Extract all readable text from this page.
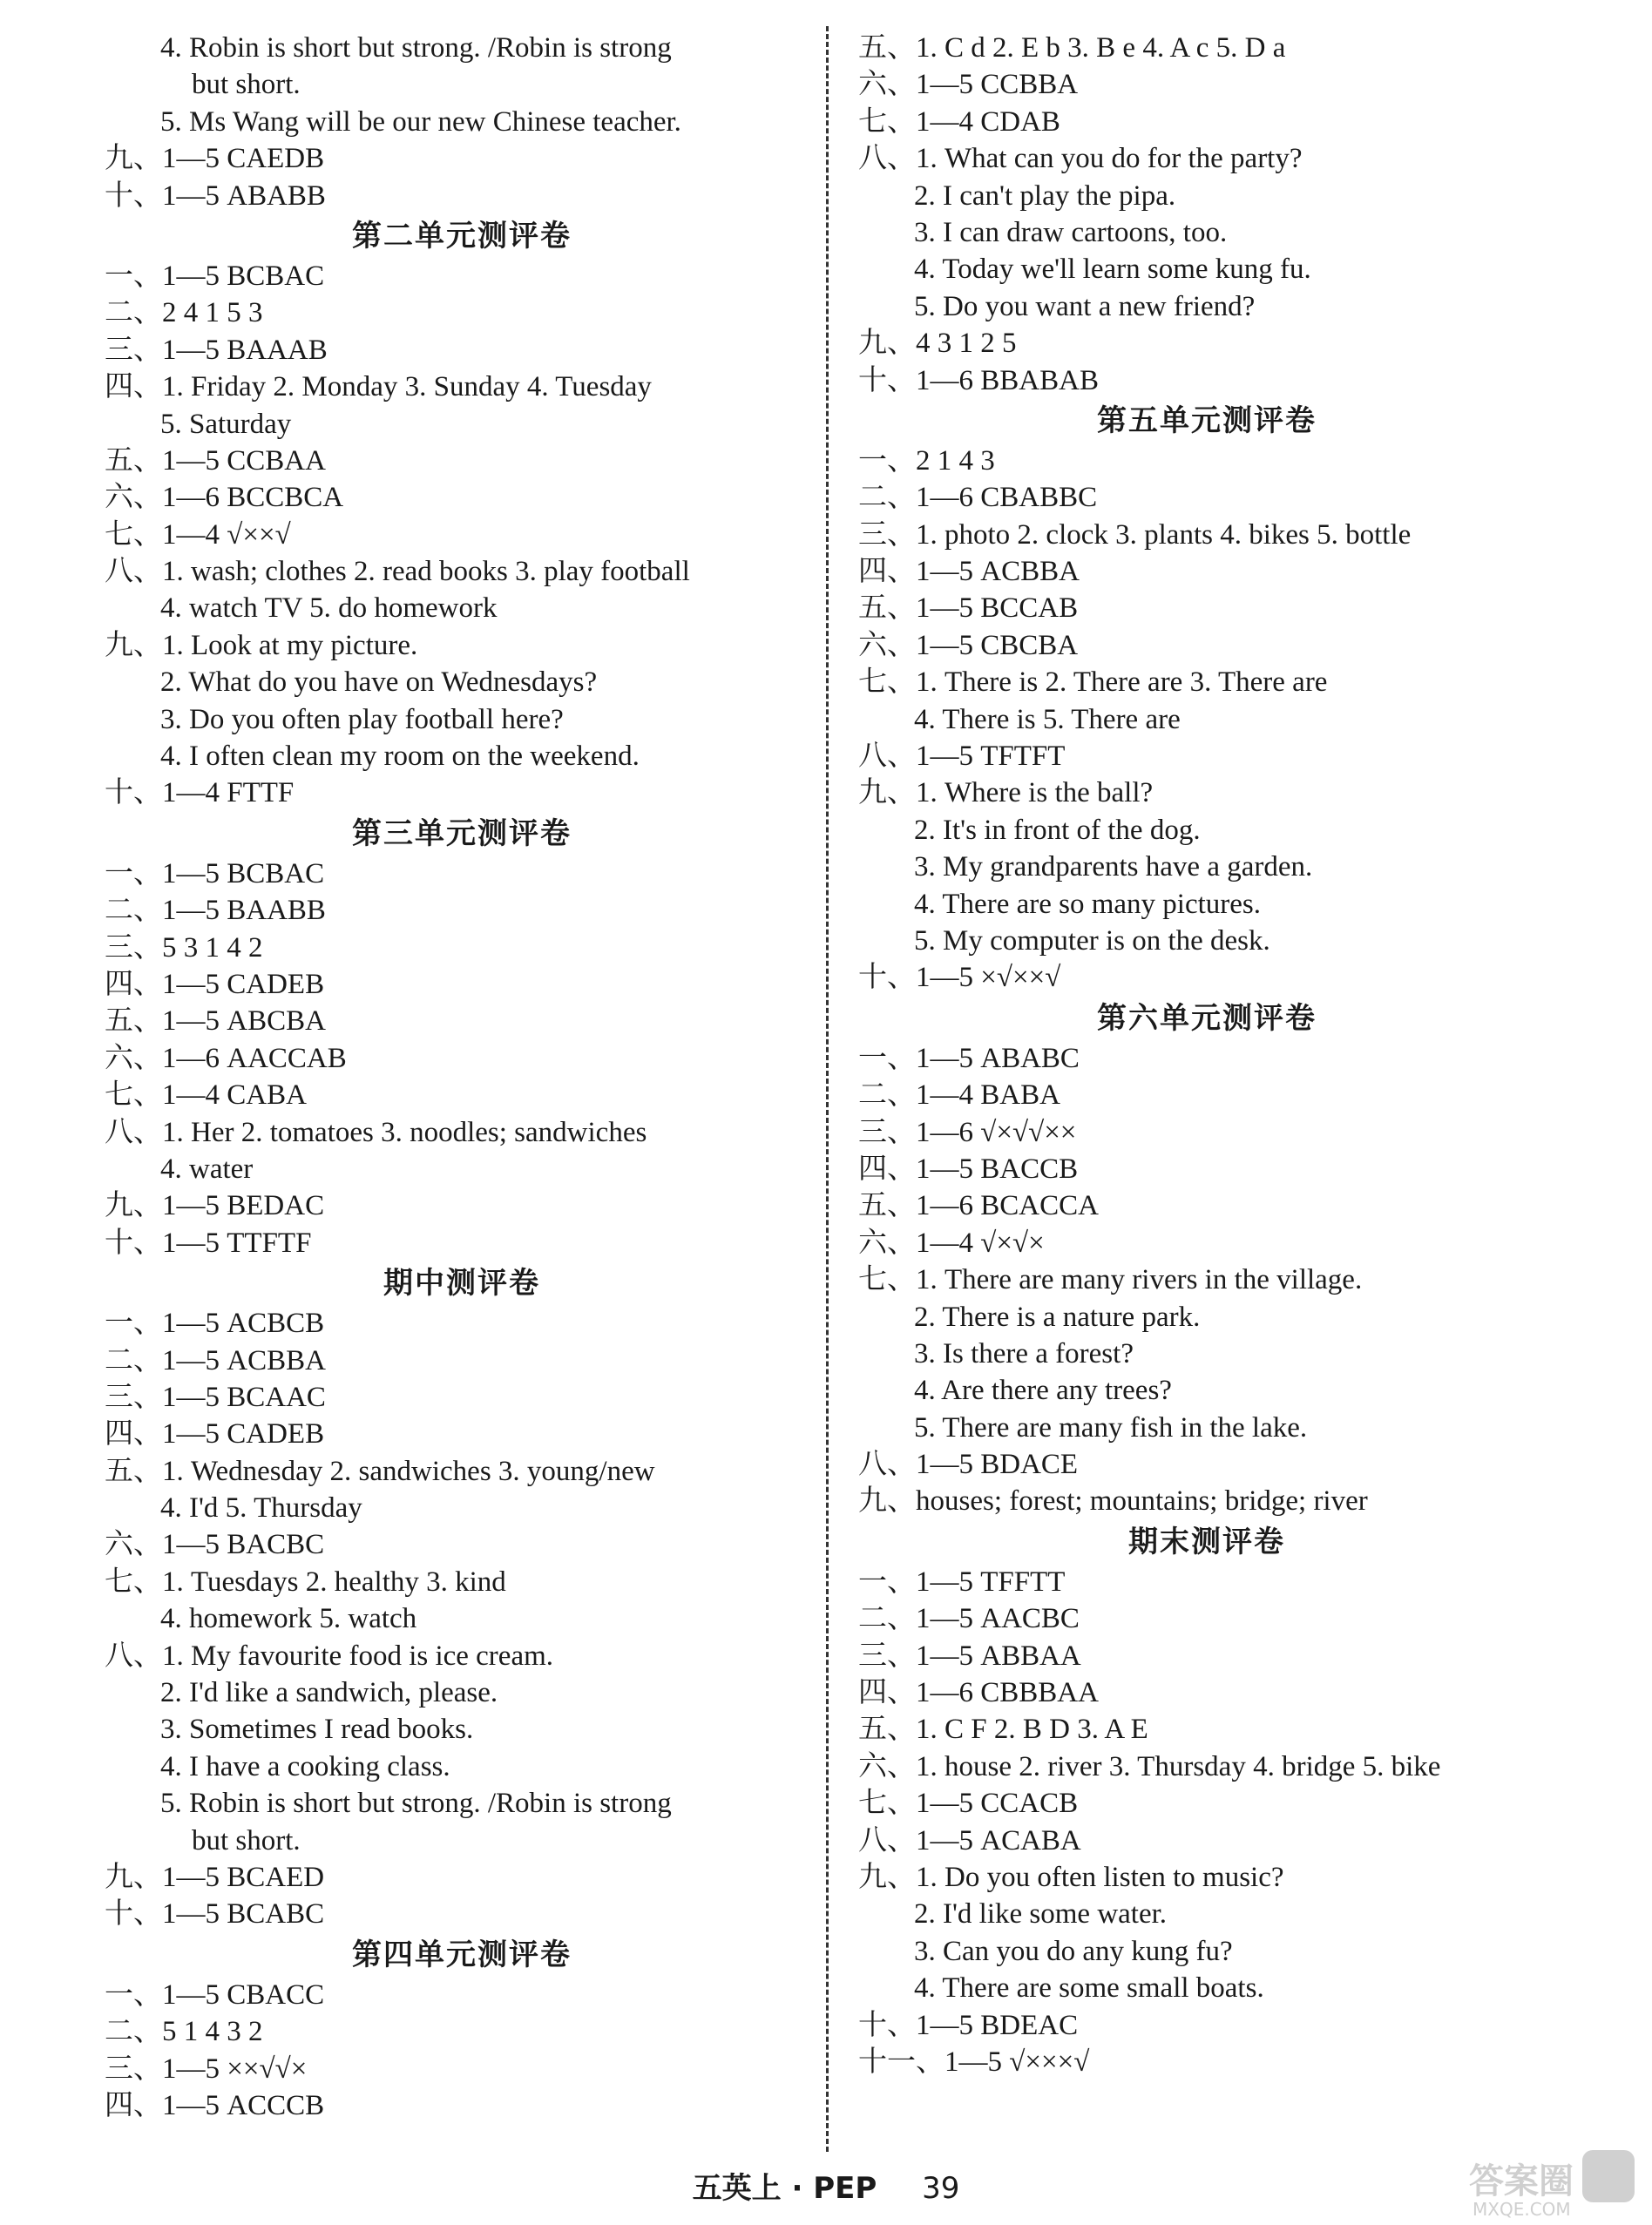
4. Robin is short but strong. /Robin is strong
but short.
5. Ms Wang will be our new Chinese teacher.
九、1—5 CAEDB
十、1—5 ABABB
第二单元测评卷
一、1—5 BCBAC
二、2 4 1 5 3
三、1—5 BAAAB
四、1. Friday 2. Monday 3. Sunday 4. Tuesday
5. Saturday
五、1—5 CCBAA
六、1—6 BCCBCA
七、1—4 √××√
八、1. wash; clothes 2. read books 3. play football
4. watch TV 5. do homework
九、1. Look at my picture.
2. What do you have on Wednesdays?
3. Do you often play football here?
4. I often clean my room on the weekend.
十、1—4 FTTF
第三单元测评卷
一、1—5 BCBAC
二、1—5 BAABB
三、5 3 1 4 2
四、1—5 CADEB
五、1—5 ABCBA
六、1—6 AACCAB
七、1—4 CABA
八、1. Her 2. tomatoes 3. noodles; sandwiches
4. water
九、1—5 BEDAC
十、1—5 TTFTF
期中测评卷
一、1—5 ACBCB
二、1—5 ACBBA
三、1—5 BCAAC
四、1—5 CADEB
五、1. Wednesday 2. sandwiches 3. young/new
4. I'd 5. Thursday
六、1—5 BACBC
七、1. Tuesdays 2. healthy 3. kind
4. homework 5. watch
八、1. My favourite food is ice cream.
2. I'd like a sandwich, please.
3. Sometimes I read books.
4. I have a cooking class.
5. Robin is short but strong. /Robin is strong
but short.
九、1—5 BCAED
十、1—5 BCABC
第四单元测评卷
一、1—5 CBACC
二、5 1 4 3 2
三、1—5 ××√√×
四、1—5 ACCCB
五、1. C d 2. E b 3. B e 4. A c 5. D a
六、1—5 CCBBA
七、1—4 CDAB
八、1. What can you do for the party?
2. I can't play the pipa.
3. I can draw cartoons, too.
4. Today we'll learn some kung fu.
5. Do you want a new friend?
九、4 3 1 2 5
十、1—6 BBABAB
第五单元测评卷
一、2 1 4 3
二、1—6 CBABBC
三、1. photo 2. clock 3. plants 4. bikes 5. bottle
四、1—5 ACBBA
五、1—5 BCCAB
六、1—5 CBCBA
七、1. There is 2. There are 3. There are
4. There is 5. There are
八、1—5 TFTFT
九、1. Where is the ball?
2. It's in front of the dog.
3. My grandparents have a garden.
4. There are so many pictures.
5. My computer is on the desk.
十、1—5 ×√××√
第六单元测评卷
一、1—5 ABABC
二、1—4 BABA
三、1—6 √×√√××
四、1—5 BACCB
五、1—6 BCACCA
六、1—4 √×√×
七、1. There are many rivers in the village.
2. There is a nature park.
3. Is there a forest?
4. Are there any trees?
5. There are many fish in the lake.
八、1—5 BDACE
九、houses; forest; mountains; bridge; river
期末测评卷
一、1—5 TFFTT
二、1—5 AACBC
三、1—5 ABBAA
四、1—6 CBBBAA
五、1. C F 2. B D 3. A E
六、1. house 2. river 3. Thursday 4. bridge 5. bike
七、1—5 CCACB
八、1—5 ACABA
九、1. Do you often listen to music?
2. I'd like some water.
3. Can you do any kung fu?
4. There are some small boats.
十、1—5 BDEAC
十一、1—5 √×××√
五英上 · PEP 39	答案圈
MXQE.COM
